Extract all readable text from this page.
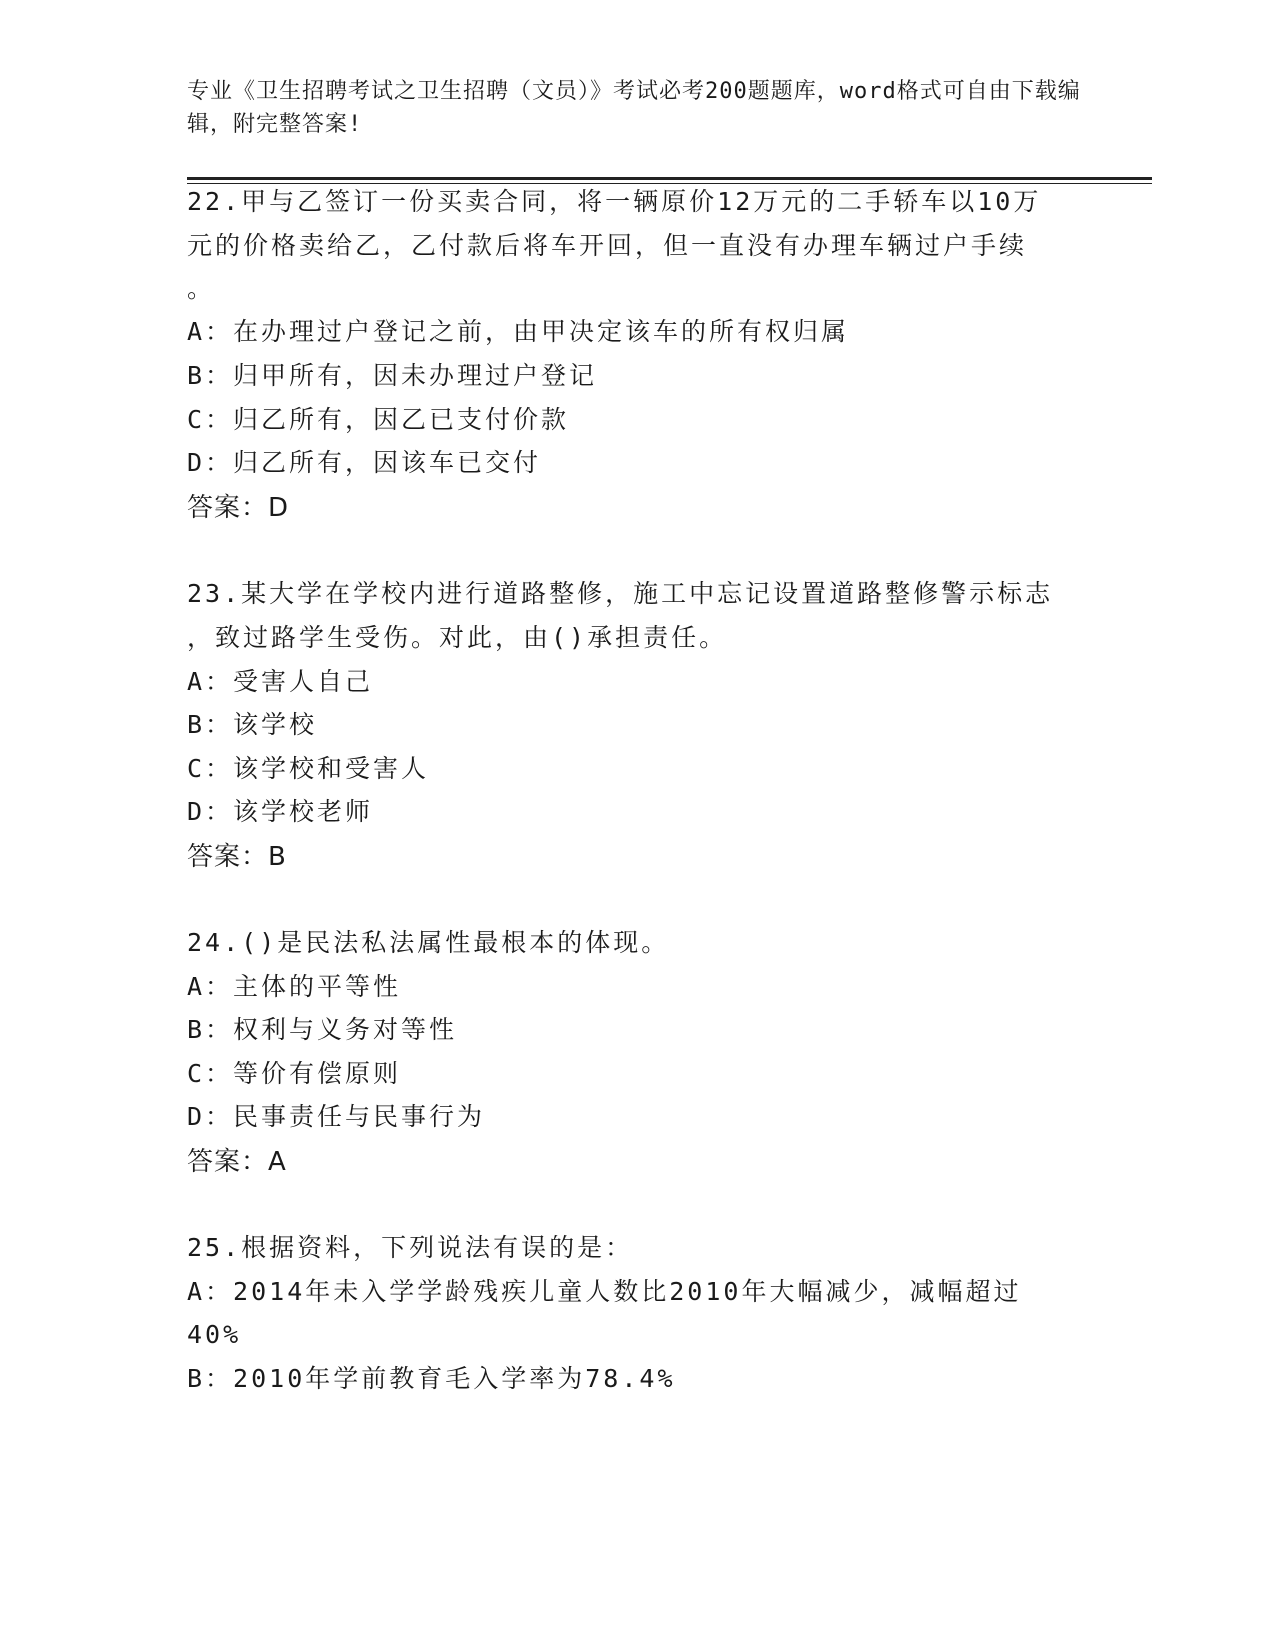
专业《卫生招聘考试之卫生招聘（文员）》考试必考200题题库，word格式可自由下载编辑，附完整答案!
22.甲与乙签订一份买卖合同，将一辆原价12万元的二手轿车以10万
元的价格卖给乙，乙付款后将车开回，但一直没有办理车辆过户手续
。
A：在办理过户登记之前，由甲决定该车的所有权归属
B：归甲所有，因未办理过户登记
C：归乙所有，因乙已支付价款
D：归乙所有，因该车已交付
答案：D
23.某大学在学校内进行道路整修，施工中忘记设置道路整修警示标志
，致过路学生受伤。对此，由()承担责任。
A：受害人自己
B：该学校
C：该学校和受害人
D：该学校老师
答案：B
24.()是民法私法属性最根本的体现。
A：主体的平等性
B：权利与义务对等性
C：等价有偿原则
D：民事责任与民事行为
答案：A
25.根据资料，下列说法有误的是：
A：2014年未入学学龄残疾儿童人数比2010年大幅减少，减幅超过
40%
B：2010年学前教育毛入学率为78.4%
